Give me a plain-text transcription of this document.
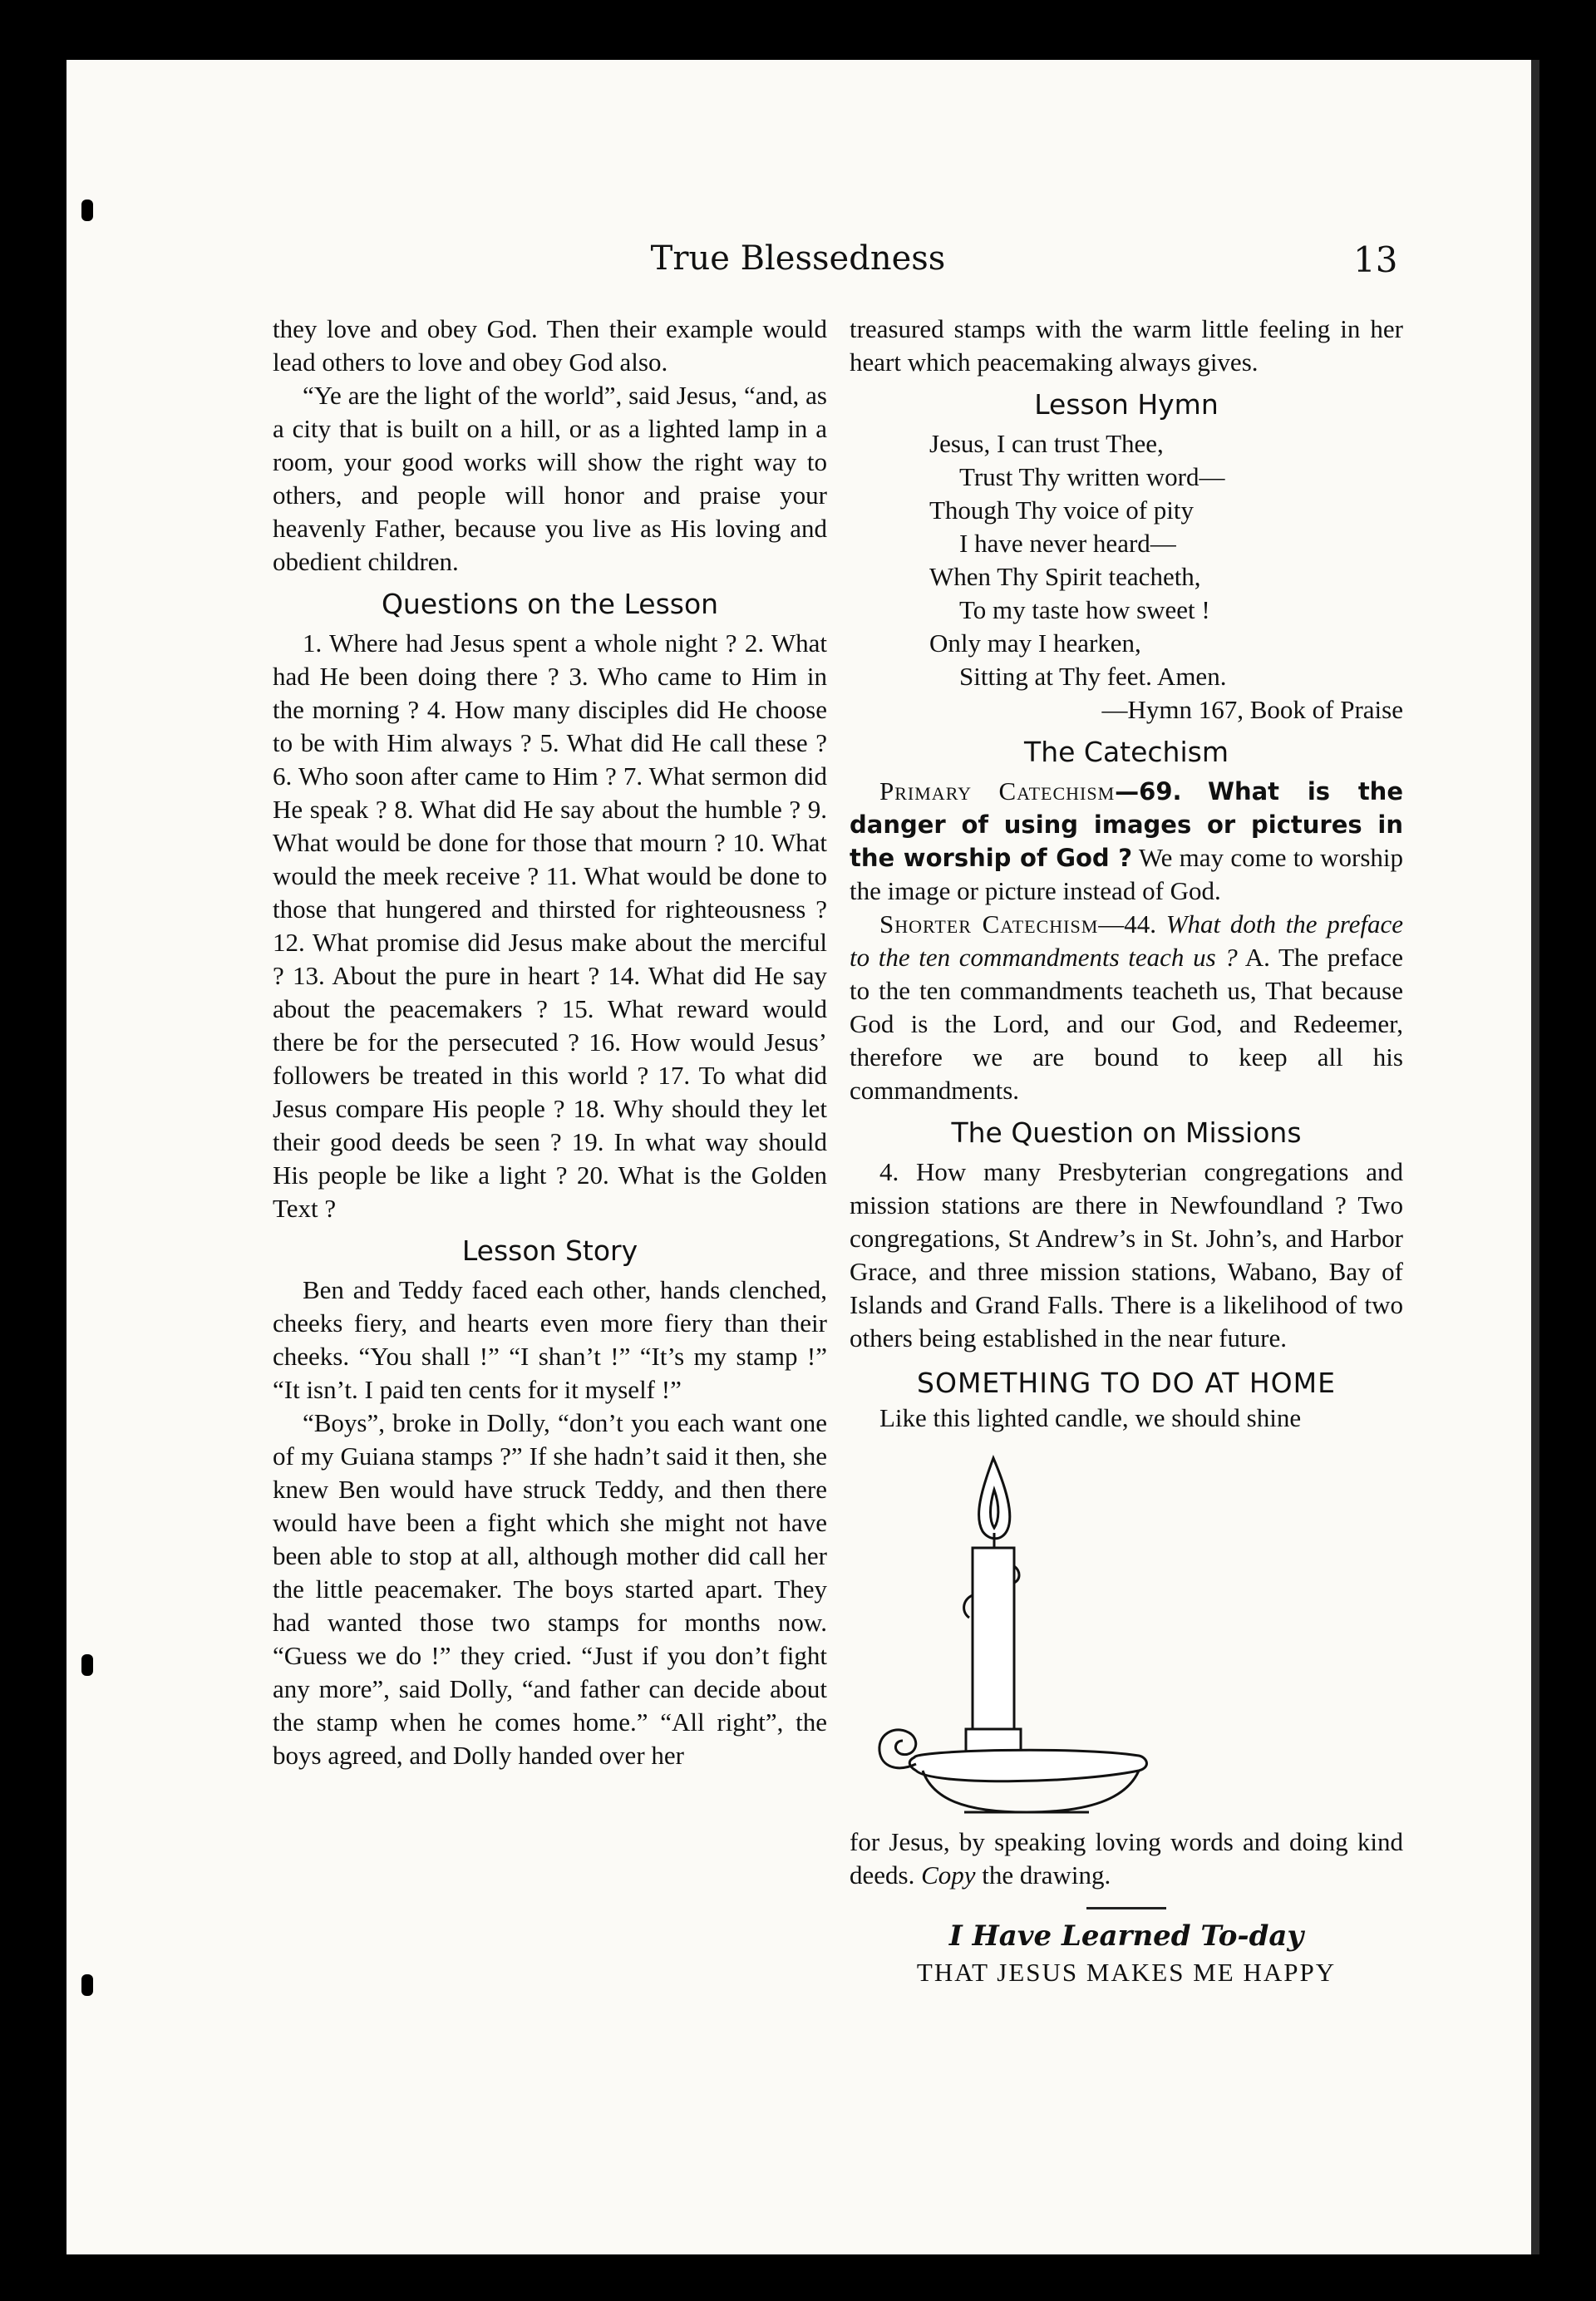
True Blessedness	13

they love and obey God. Then their example would lead others to love and obey God also.

“Ye are the light of the world”, said Jesus, “and, as a city that is built on a hill, or as a lighted lamp in a room, your good works will show the right way to others, and people will honor and praise your heavenly Father, because you live as His loving and obedient children.

Questions on the Lesson

1. Where had Jesus spent a whole night ? 2. What had He been doing there ? 3. Who came to Him in the morning ? 4. How many disciples did He choose to be with Him always ? 5. What did He call these ? 6. Who soon after came to Him ? 7. What sermon did He speak ? 8. What did He say about the humble ? 9. What would be done for those that mourn ? 10. What would the meek receive ? 11. What would be done to those that hungered and thirsted for righteousness ? 12. What promise did Jesus make about the merciful ? 13. About the pure in heart ? 14. What did He say about the peacemakers ? 15. What reward would there be for the persecuted ? 16. How would Jesus’ followers be treated in this world ? 17. To what did Jesus compare His people ? 18. Why should they let their good deeds be seen ? 19. In what way should His people be like a light ? 20. What is the Golden Text ?

Lesson Story

Ben and Teddy faced each other, hands clenched, cheeks fiery, and hearts even more fiery than their cheeks. “You shall !” “I shan’t !” “It’s my stamp !” “It isn’t. I paid ten cents for it myself !”

“Boys”, broke in Dolly, “don’t you each want one of my Guiana stamps ?” If she hadn’t said it then, she knew Ben would have struck Teddy, and then there would have been a fight which she might not have been able to stop at all, although mother did call her the little peacemaker. The boys started apart. They had wanted those two stamps for months now. “Guess we do !” they cried. “Just if you don’t fight any more”, said Dolly, “and father can decide about the stamp when he comes home.” “All right”, the boys agreed, and Dolly handed over her

treasured stamps with the warm little feeling in her heart which peacemaking always gives.

Lesson Hymn
Jesus, I can trust Thee,
Trust Thy written word—
Though Thy voice of pity
I have never heard—
When Thy Spirit teacheth,
To my taste how sweet !
Only may I hearken,
Sitting at Thy feet. Amen.
—Hymn 167, Book of Praise
The Catechism

Primary Catechism—69. What is the danger of using images or pictures in the worship of God ? We may come to worship the image or picture instead of God.

Shorter Catechism—44. What doth the preface to the ten commandments teach us ? A. The preface to the ten commandments teacheth us, That because God is the Lord, and our God, and Redeemer, therefore we are bound to keep all his commandments.

The Question on Missions

4. How many Presbyterian congregations and mission stations are there in Newfoundland ? Two congregations, St Andrew’s in St. John’s, and Harbor Grace, and three mission stations, Wabano, Bay of Islands and Grand Falls. There is a likelihood of two others being established in the near future.

SOMETHING TO DO AT HOME

Like this lighted candle, we should shine

for Jesus, by speaking loving words and doing kind deeds. Copy the drawing.

I Have Learned To-day
THAT JESUS MAKES ME HAPPY
